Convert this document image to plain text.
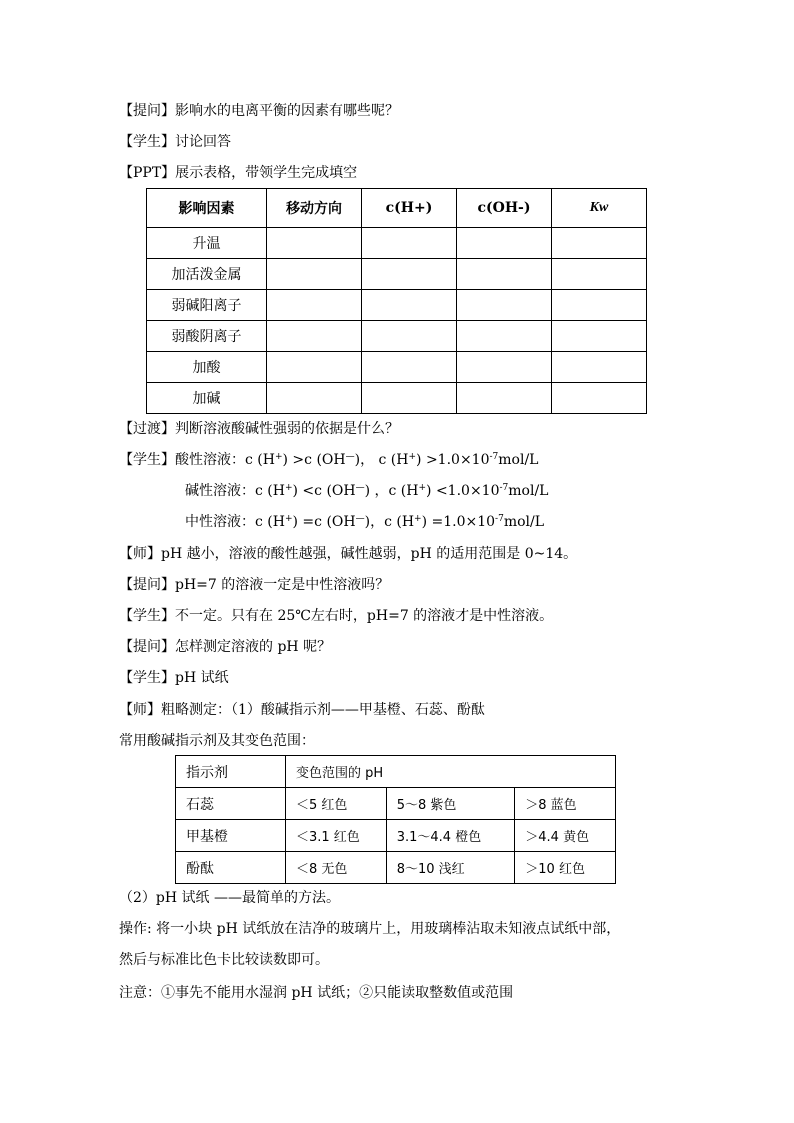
【提问】影响水的电离平衡的因素有哪些呢？
【学生】讨论回答
【PPT】展示表格，带领学生完成填空
影响因素	移动方向	c(H+)	c(OH-)	Kw
升温				
加活泼金属				
弱碱阳离子				
弱酸阴离子				
加酸				
加碱				
【过渡】判断溶液酸碱性强弱的依据是什么？
【学生】酸性溶液：c (H+) >c (OH—)， c $(H^+) >1.0\times 10^{-7}mol/L$
碱性溶液：c (H+) <c (OH—) ，c $(H^+) <1.0\times 10^{-7}mol/L$
中性溶液：c (H+) =c (OH—)，c $(H^+) =1.0\times 10^{-7}mol/L$
【师】pH 越小，溶液的酸性越强，碱性越弱，pH 的适用范围是 0~14。
【提问】pH=7 的溶液一定是中性溶液吗？
【学生】不一定。只有在 25℃左右时，pH=7 的溶液才是中性溶液。
【提问】怎样测定溶液的 pH 呢？
【学生】pH 试纸
【师】粗略测定：（1）酸碱指示剂——甲基橙、石蕊、酚酞
常用酸碱指示剂及其变色范围：
指示剂	变色范围的 pH		
石蕊	＜5 红色	5～8 紫色	＞8 蓝色
甲基橙	＜3.1 红色	3.1～4.4 橙色	＞4.4 黄色
酚酞	＜8 无色	8～10 浅红	＞10 红色
（2）pH 试纸 ——最简单的方法。
操作: 将一小块 pH 试纸放在洁净的玻璃片上，用玻璃棒沾取未知液点试纸中部，
然后与标准比色卡比较读数即可。
注意：①事先不能用水湿润 pH 试纸；②只能读取整数值或范围
